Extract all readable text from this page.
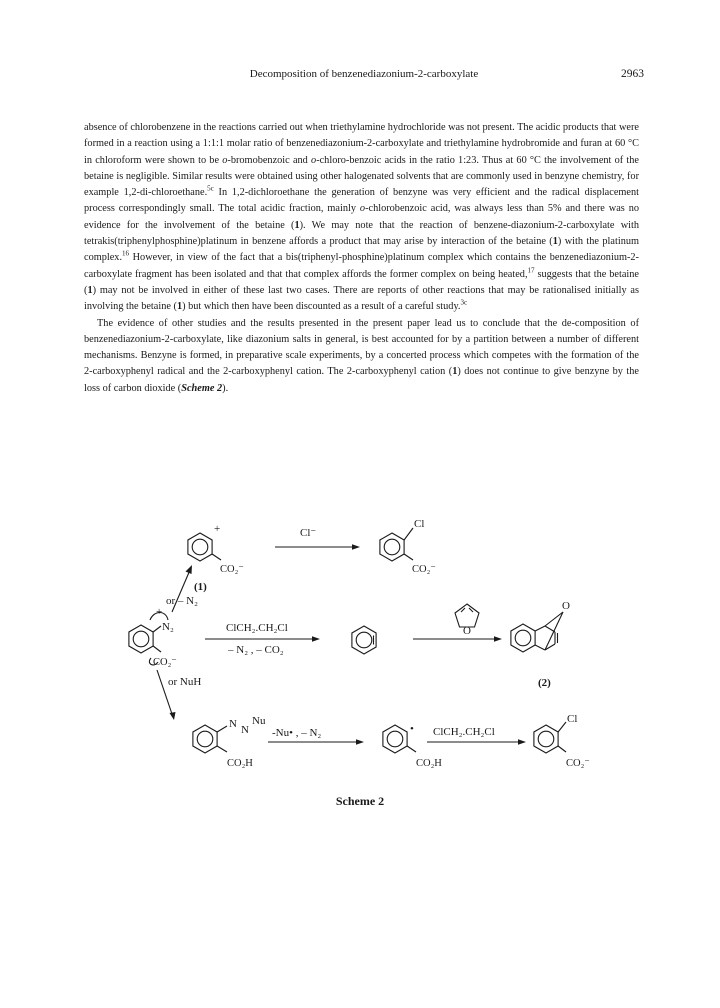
Decomposition of benzenediazonium-2-carboxylate	2963

absence of chlorobenzene in the reactions carried out when triethylamine hydrochloride was not present. The acidic products that were formed in a reaction using a 1:1:1 molar ratio of benzenediazonium-2-carboxylate and triethylamine hydrobromide and furan at 60 °C in chloroform were shown to be o-bromobenzoic and o-chloro-benzoic acids in the ratio 1:23. Thus at 60 °C the involvement of the betaine is negligible. Similar results were obtained using other halogenated solvents that are commonly used in benzyne chemistry, for example 1,2-di-chloroethane.$^{5c}$ In 1,2-dichloroethane the generation of benzyne was very efficient and the radical displacement process correspondingly small. The total acidic fraction, mainly o-chlorobenzoic acid, was always less than 5% and there was no evidence for the involvement of the betaine (1). We may note that the reaction of benzene-diazonium-2-carboxylate with tetrakis(triphenylphosphine)platinum in benzene affords a product that may arise by interaction of the betaine (1) with the platinum complex.$^{16}$ However, in view of the fact that a bis(triphenyl-phosphine)platinum complex which contains the benzenediazonium-2-carboxylate fragment has been isolated and that that complex affords the former complex on being heated,$^{17}$ suggests that the betaine (1) may not be involved in either of these last two cases. There are reports of other reactions that may be rationalised initially as involving the betaine (1) but which then have been discounted as a result of a careful study.$^{3c}$

The evidence of other studies and the results presented in the present paper lead us to conclude that the de-composition of benzenediazonium-2-carboxylate, like diazonium salts in general, is best accounted for by a partition between a number of different mechanisms. Benzyne is formed, in preparative scale experiments, by a concerted process which competes with the formation of the 2-carboxyphenyl radical and the 2-carboxyphenyl cation. The 2-carboxyphenyl cation (1) does not continue to give benzyne by the loss of carbon dioxide (Scheme 2).

+
CO₂⁻
(1)
or – N₂
Cl⁻
Cl
CO₂⁻
+
N₂
CO₂⁻
ClCH₂.CH₂Cl
– N₂ , – CO₂
O
O
or NuH	(2)
N N
Nu
CO₂H
-Nu• , – N₂	•
CO₂H
ClCH₂.CH₂Cl
Cl
CO₂⁻
Scheme 2
